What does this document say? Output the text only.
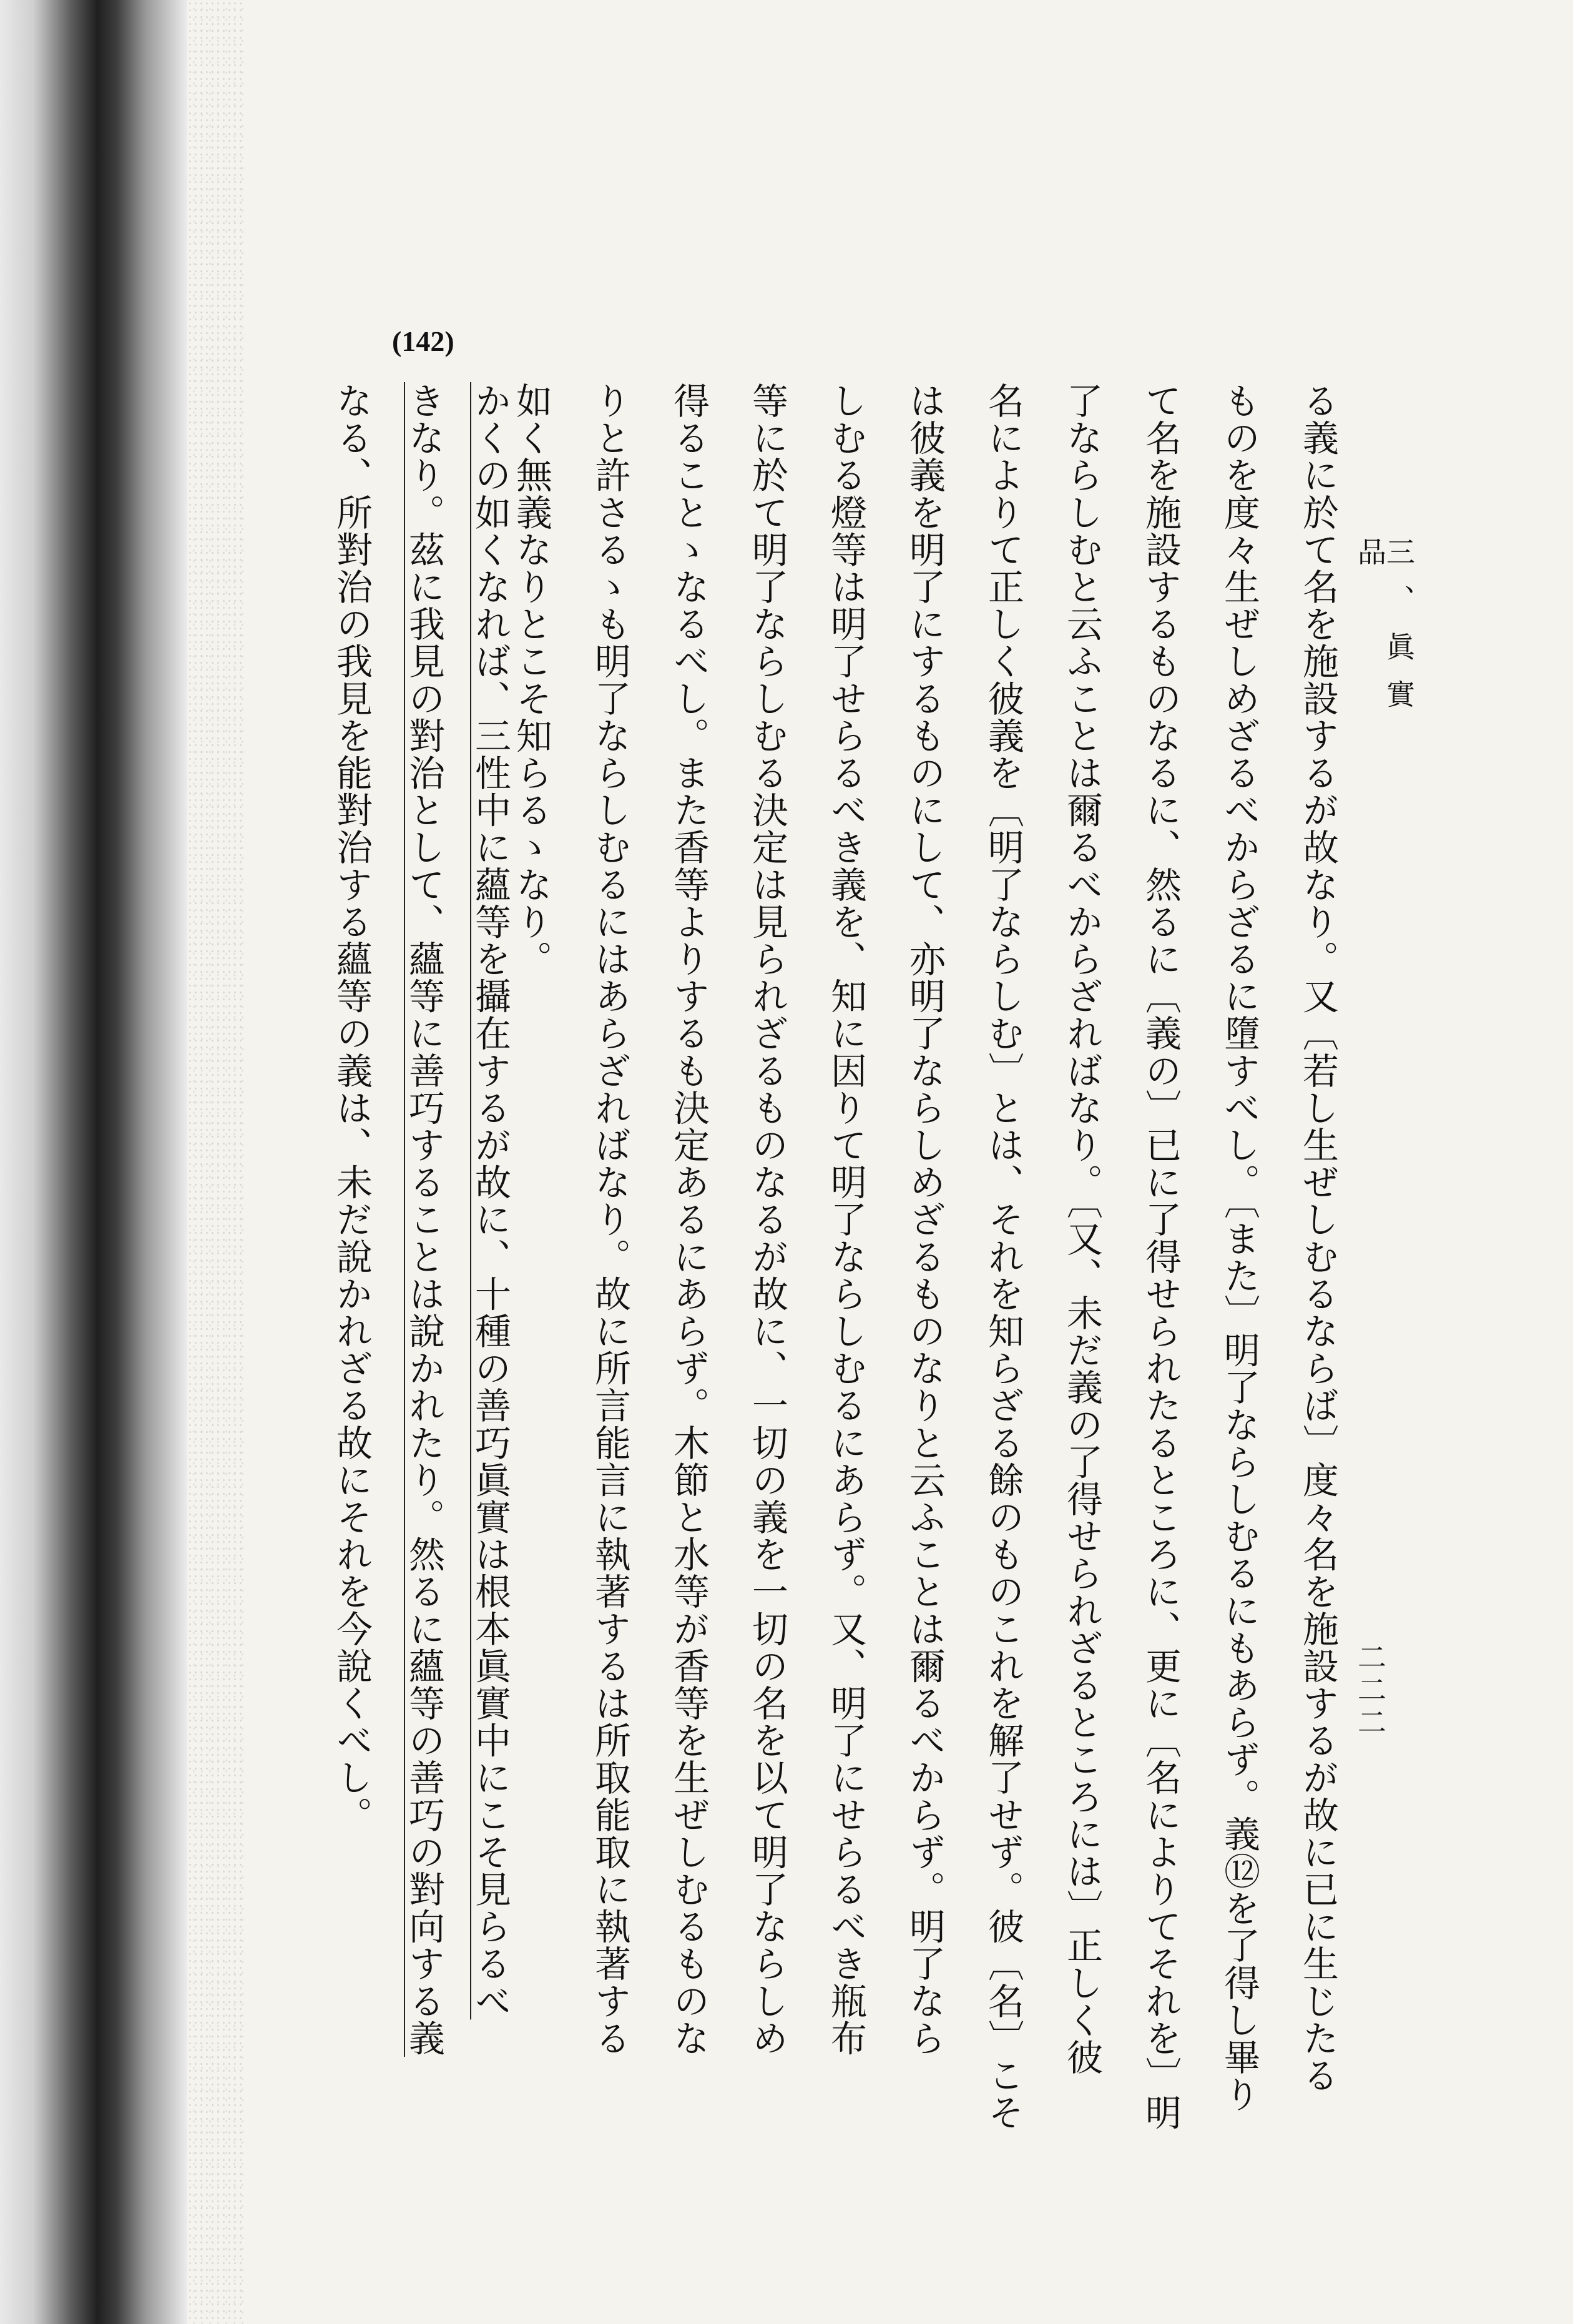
三、眞實品
二二二
(142)
る義に於て名を施設するが故なり。又〔若し生ぜしむるならば〕度々名を施設するが故に已に生じたる
ものを度々生ぜしめざるべからざるに墮すべし。〔また〕明了ならしむるにもあらず。義⑫を了得し畢り
て名を施設するものなるに、然るに〔義の〕已に了得せられたるところに、更に〔名によりてそれを〕明
了ならしむと云ふことは爾るべからざればなり。〔又、未だ義の了得せられざるところには〕正しく彼
名によりて正しく彼義を〔明了ならしむ〕とは、それを知らざる餘のものこれを解了せず。彼〔名〕こそ
は彼義を明了にするものにして、亦明了ならしめざるものなりと云ふことは爾るべからず。明了なら
しむる燈等は明了せらるべき義を、知に因りて明了ならしむるにあらず。又、明了にせらるべき瓶布
等に於て明了ならしむる決定は見られざるものなるが故に、一切の義を一切の名を以て明了ならしめ
得ることゝなるべし。また香等よりするも決定あるにあらず。木節と水等が香等を生ぜしむるものな
りと許さるゝも明了ならしむるにはあらざればなり。故に所言能言に執著するは所取能取に執著する
如く無義なりとこそ知らるゝなり。
かくの如くなれば、三性中に蘊等を攝在するが故に、十種の善巧眞實は根本眞實中にこそ見らるべ
きなり。茲に我見の對治として、蘊等に善巧することは說かれたり。然るに蘊等の善巧の對向する義
なる、所對治の我見を能對治する蘊等の義は、未だ說かれざる故にそれを今說くべし。
